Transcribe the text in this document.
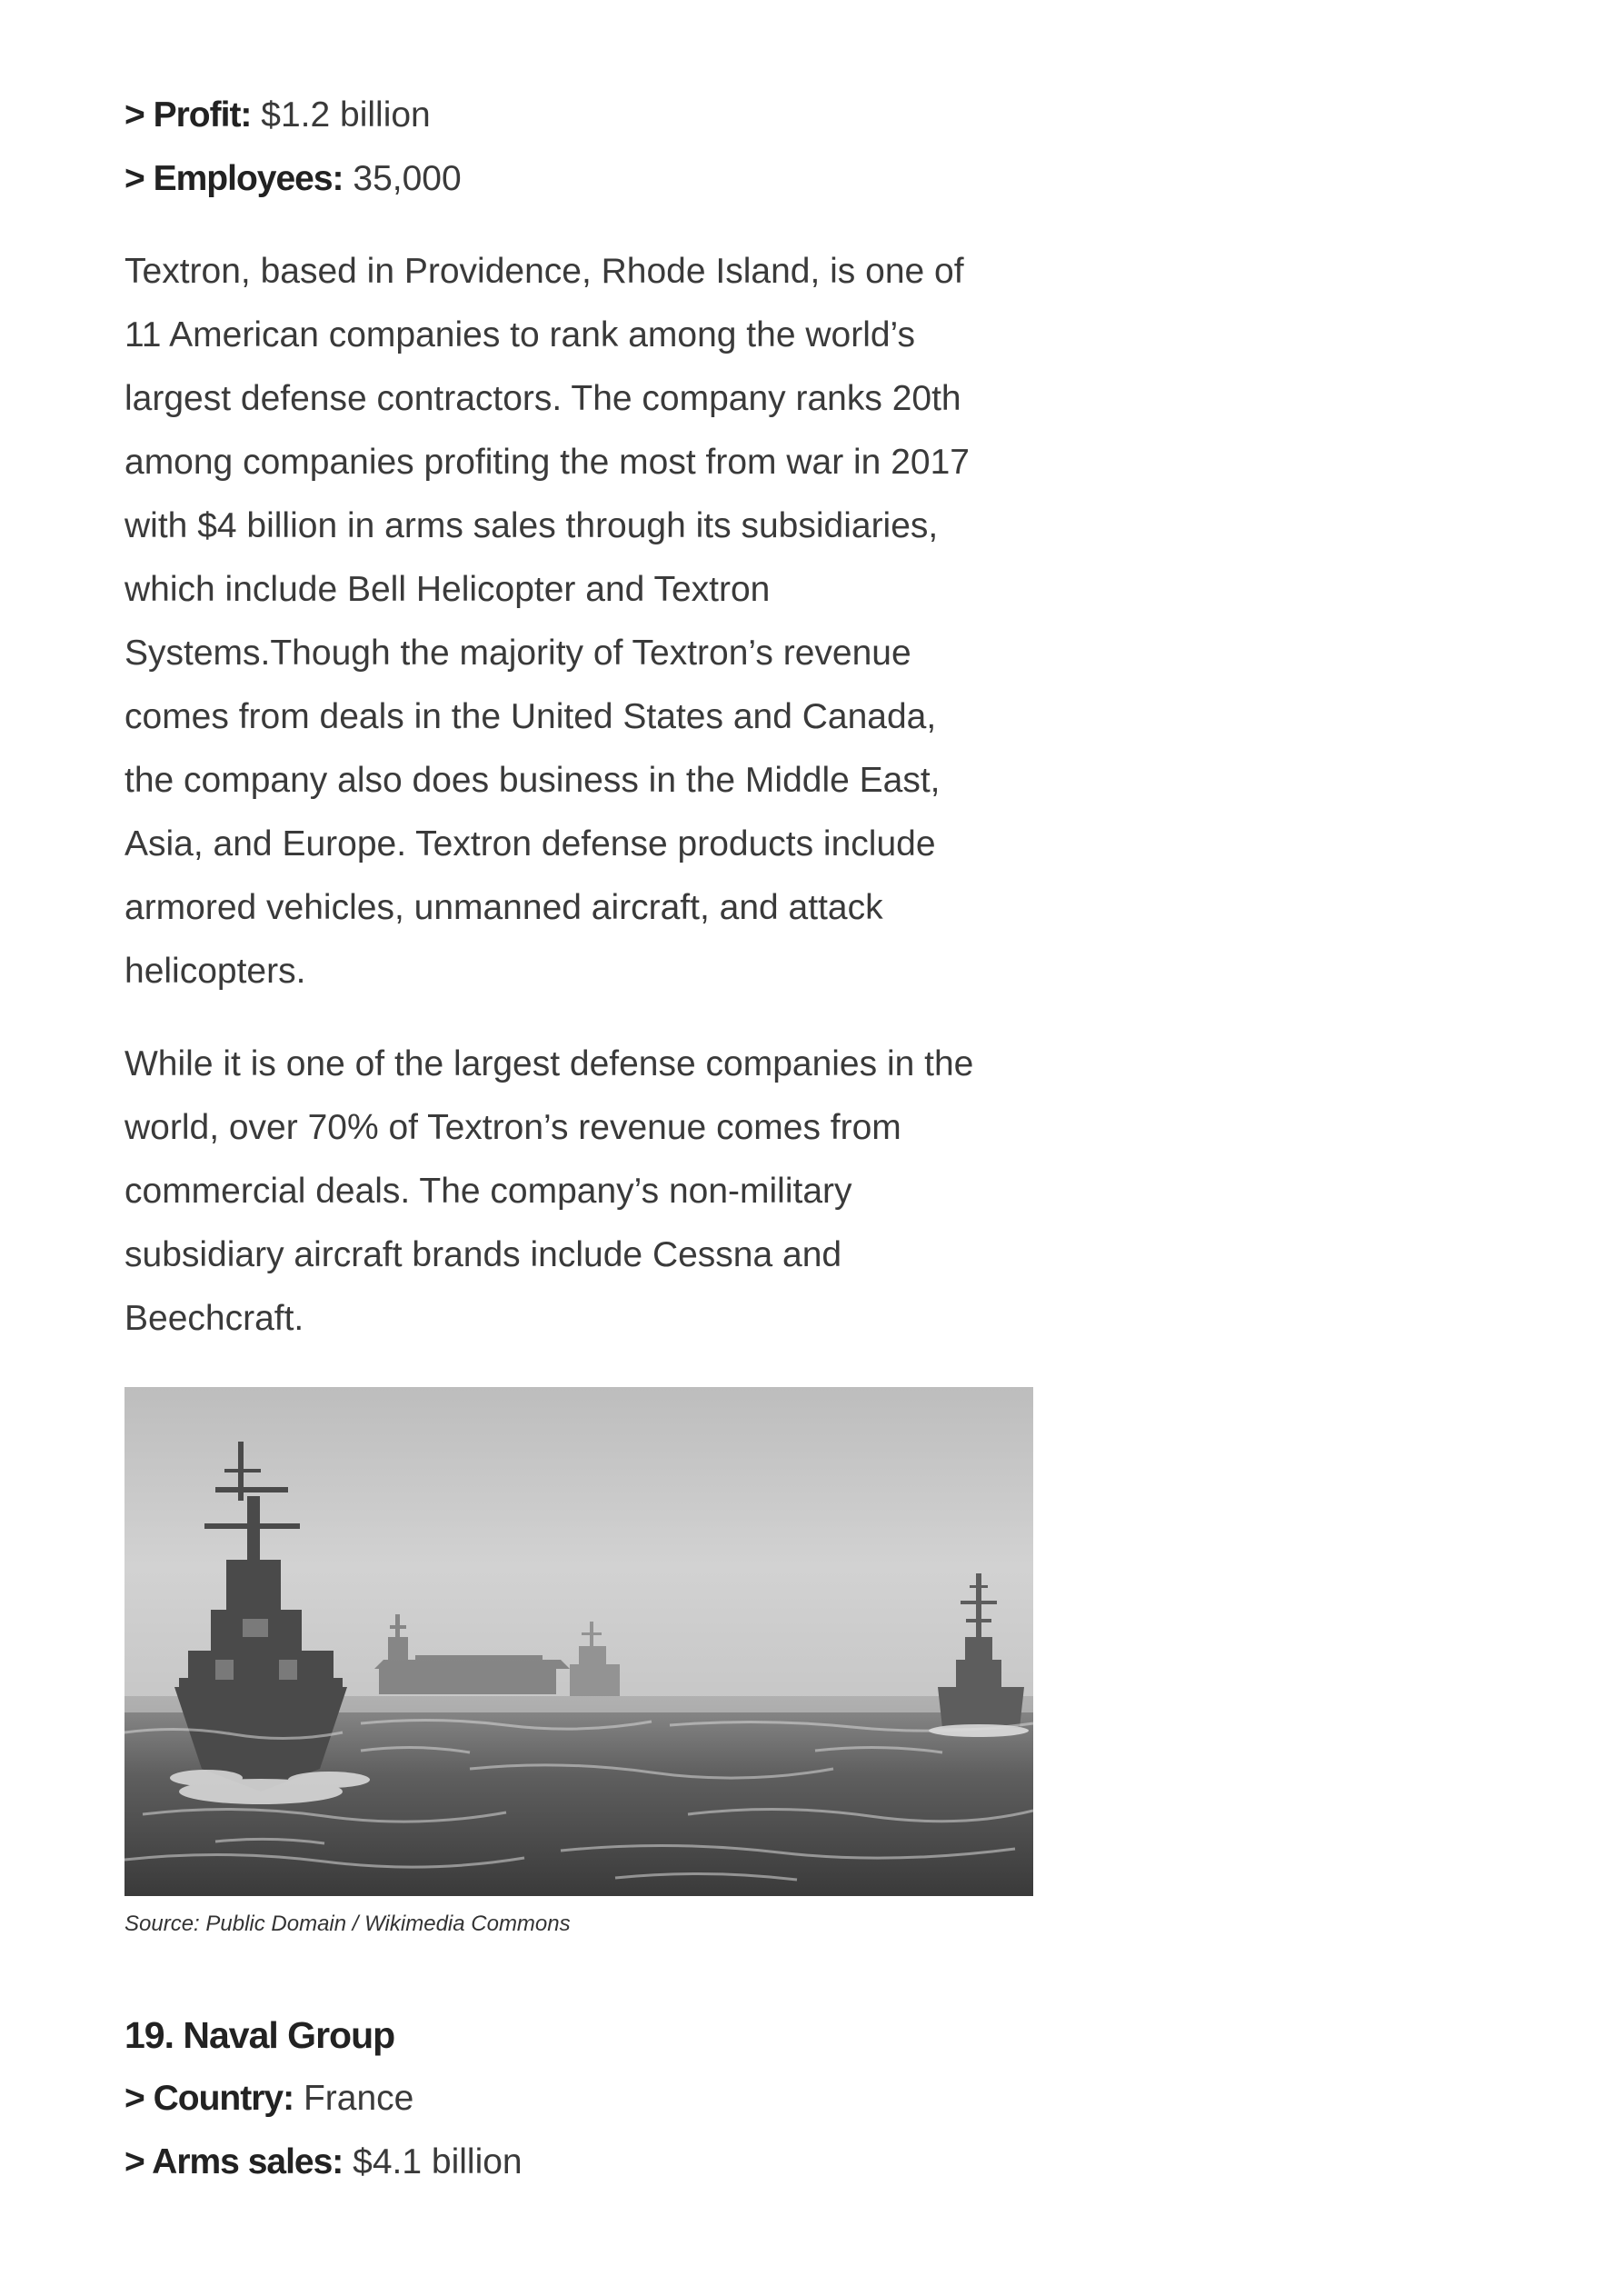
> Profit: $1.2 billion

> Employees: 35,000

Textron, based in Providence, Rhode Island, is one of
11 American companies to rank among the world’s
largest defense contractors. The company ranks 20th
among companies profiting the most from war in 2017
with $4 billion in arms sales through its subsidiaries,
which include Bell Helicopter and Textron
Systems.Though the majority of Textron’s revenue
comes from deals in the United States and Canada,
the company also does business in the Middle East,
Asia, and Europe. Textron defense products include
armored vehicles, unmanned aircraft, and attack
helicopters.

While it is one of the largest defense companies in the
world, over 70% of Textron’s revenue comes from
commercial deals. The company’s non-military
subsidiary aircraft brands include Cessna and
Beechcraft.

Source: Public Domain / Wikimedia Commons

19. Naval Group

> Country: France

> Arms sales: $4.1 billion
